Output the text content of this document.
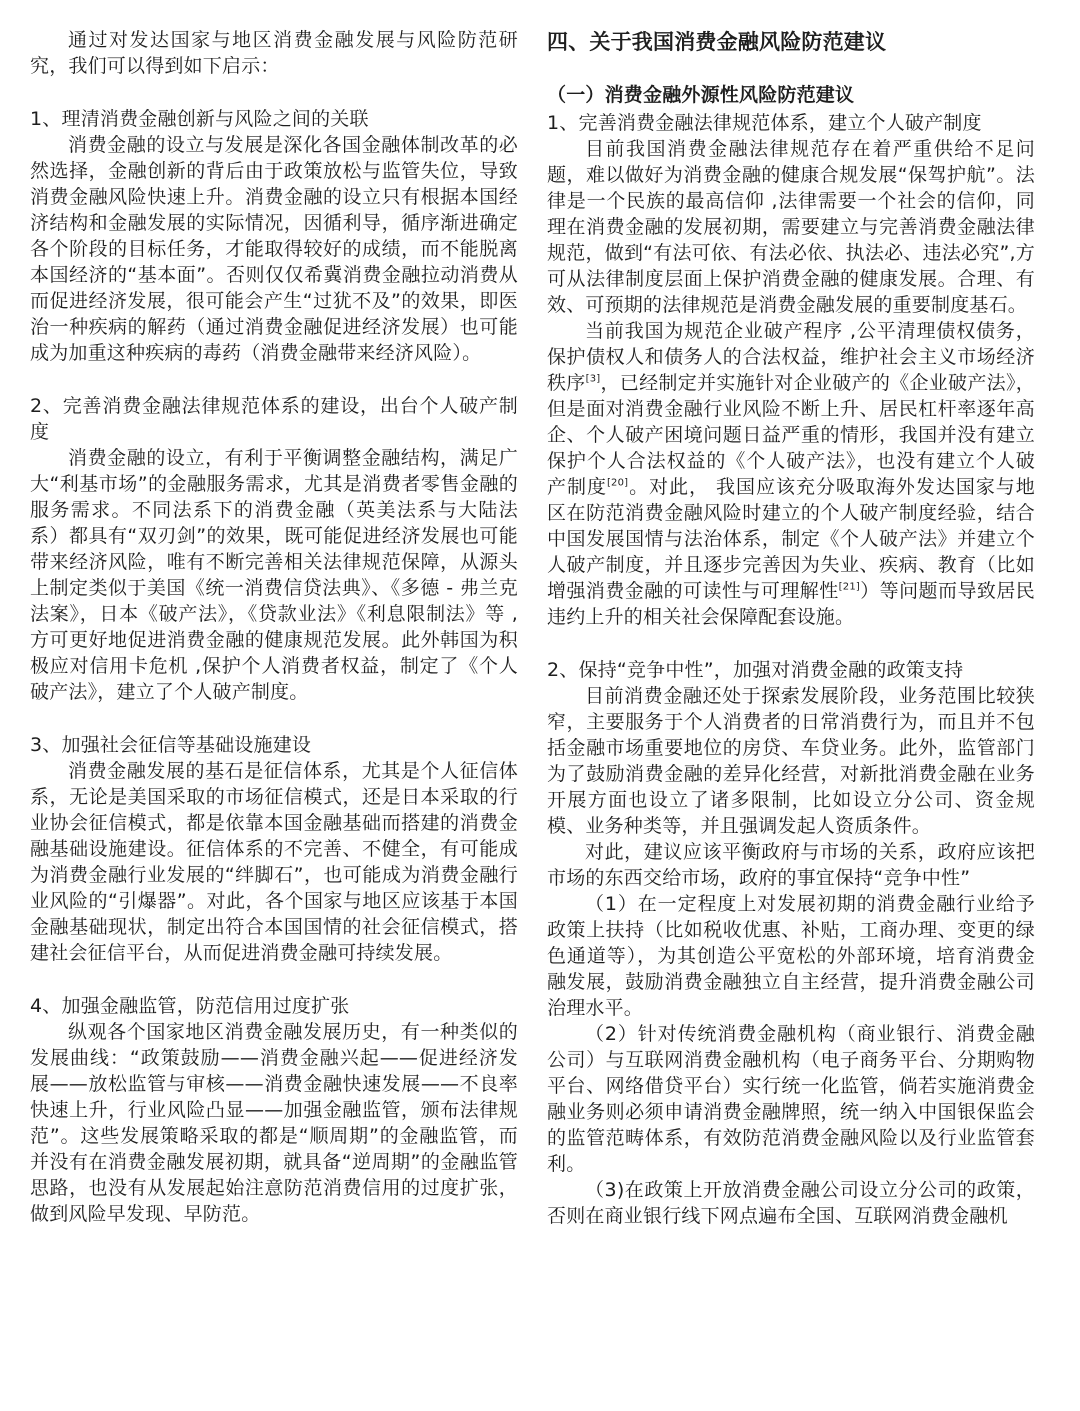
通过对发达国家与地区消费金融发展与风险防范研究，我们可以得到如下启示：

1、理清消费金融创新与风险之间的关联

消费金融的设立与发展是深化各国金融体制改革的必然选择，金融创新的背后由于政策放松与监管失位，导致消费金融风险快速上升。消费金融的设立只有根据本国经济结构和金融发展的实际情况，因循利导，循序渐进确定各个阶段的目标任务，才能取得较好的成绩，而不能脱离本国经济的“基本面”。否则仅仅希冀消费金融拉动消费从而促进经济发展，很可能会产生“过犹不及”的效果，即医治一种疾病的解药（通过消费金融促进经济发展）也可能成为加重这种疾病的毒药（消费金融带来经济风险）。

2、完善消费金融法律规范体系的建设，出台个人破产制度

消费金融的设立，有利于平衡调整金融结构，满足广大“利基市场”的金融服务需求，尤其是消费者零售金融的服务需求。不同法系下的消费金融（英美法系与大陆法系）都具有“双刃剑”的效果，既可能促进经济发展也可能带来经济风险，唯有不断完善相关法律规范保障，从源头上制定类似于美国《统一消费信贷法典》、《多德 - 弗兰克法案》，日本《破产法》，《贷款业法》《利息限制法》等 ,方可更好地促进消费金融的健康规范发展。此外韩国为积极应对信用卡危机 ,保护个人消费者权益，制定了《个人破产法》，建立了个人破产制度。

3、加强社会征信等基础设施建设

消费金融发展的基石是征信体系，尤其是个人征信体系，无论是美国采取的市场征信模式，还是日本采取的行业协会征信模式，都是依靠本国金融基础而搭建的消费金融基础设施建设。征信体系的不完善、不健全，有可能成为消费金融行业发展的“绊脚石”，也可能成为消费金融行业风险的“引爆器”。对此，各个国家与地区应该基于本国金融基础现状，制定出符合本国国情的社会征信模式，搭建社会征信平台，从而促进消费金融可持续发展。

4、加强金融监管，防范信用过度扩张

纵观各个国家地区消费金融发展历史，有一种类似的发展曲线：“政策鼓励——消费金融兴起——促进经济发展——放松监管与审核——消费金融快速发展——不良率快速上升，行业风险凸显——加强金融监管，颁布法律规范”。这些发展策略采取的都是“顺周期”的金融监管，而并没有在消费金融发展初期，就具备“逆周期”的金融监管思路，也没有从发展起始注意防范消费信用的过度扩张，做到风险早发现、早防范。

四、关于我国消费金融风险防范建议

（一）消费金融外源性风险防范建议

1、完善消费金融法律规范体系，建立个人破产制度

目前我国消费金融法律规范存在着严重供给不足问题，难以做好为消费金融的健康合规发展“保驾护航”。法律是一个民族的最高信仰 ,法律需要一个社会的信仰，同理在消费金融的发展初期，需要建立与完善消费金融法律规范，做到“有法可依、有法必依、执法必、违法必究”,方可从法律制度层面上保护消费金融的健康发展。合理、有效、可预期的法律规范是消费金融发展的重要制度基石。

当前我国为规范企业破产程序 ,公平清理债权债务，保护债权人和债务人的合法权益，维护社会主义市场经济秩序[3]，已经制定并实施针对企业破产的《企业破产法》，但是面对消费金融行业风险不断上升、居民杠杆率逐年高企、个人破产困境问题日益严重的情形，我国并没有建立保护个人合法权益的《个人破产法》，也没有建立个人破产制度[20]。对此， 我国应该充分吸取海外发达国家与地区在防范消费金融风险时建立的个人破产制度经验，结合中国发展国情与法治体系，制定《个人破产法》并建立个人破产制度，并且逐步完善因为失业、疾病、教育（比如增强消费金融的可读性与可理解性[21]）等问题而导致居民违约上升的相关社会保障配套设施。

2、保持“竞争中性”，加强对消费金融的政策支持

目前消费金融还处于探索发展阶段，业务范围比较狭窄，主要服务于个人消费者的日常消费行为，而且并不包括金融市场重要地位的房贷、车贷业务。此外，监管部门为了鼓励消费金融的差异化经营，对新批消费金融在业务开展方面也设立了诸多限制，比如设立分公司、资金规模、业务种类等，并且强调发起人资质条件。

对此，建议应该平衡政府与市场的关系，政府应该把市场的东西交给市场，政府的事宜保持“竞争中性”

（1）在一定程度上对发展初期的消费金融行业给予政策上扶持（比如税收优惠、补贴，工商办理、变更的绿色通道等），为其创造公平宽松的外部环境，培育消费金融发展，鼓励消费金融独立自主经营，提升消费金融公司治理水平。

（2）针对传统消费金融机构（商业银行、消费金融公司）与互联网消费金融机构（电子商务平台、分期购物平台、网络借贷平台）实行统一化监管，倘若实施消费金融业务则必须申请消费金融牌照，统一纳入中国银保监会的监管范畴体系，有效防范消费金融风险以及行业监管套利。

（3)在政策上开放消费金融公司设立分公司的政策，否则在商业银行线下网点遍布全国、互联网消费金融机
